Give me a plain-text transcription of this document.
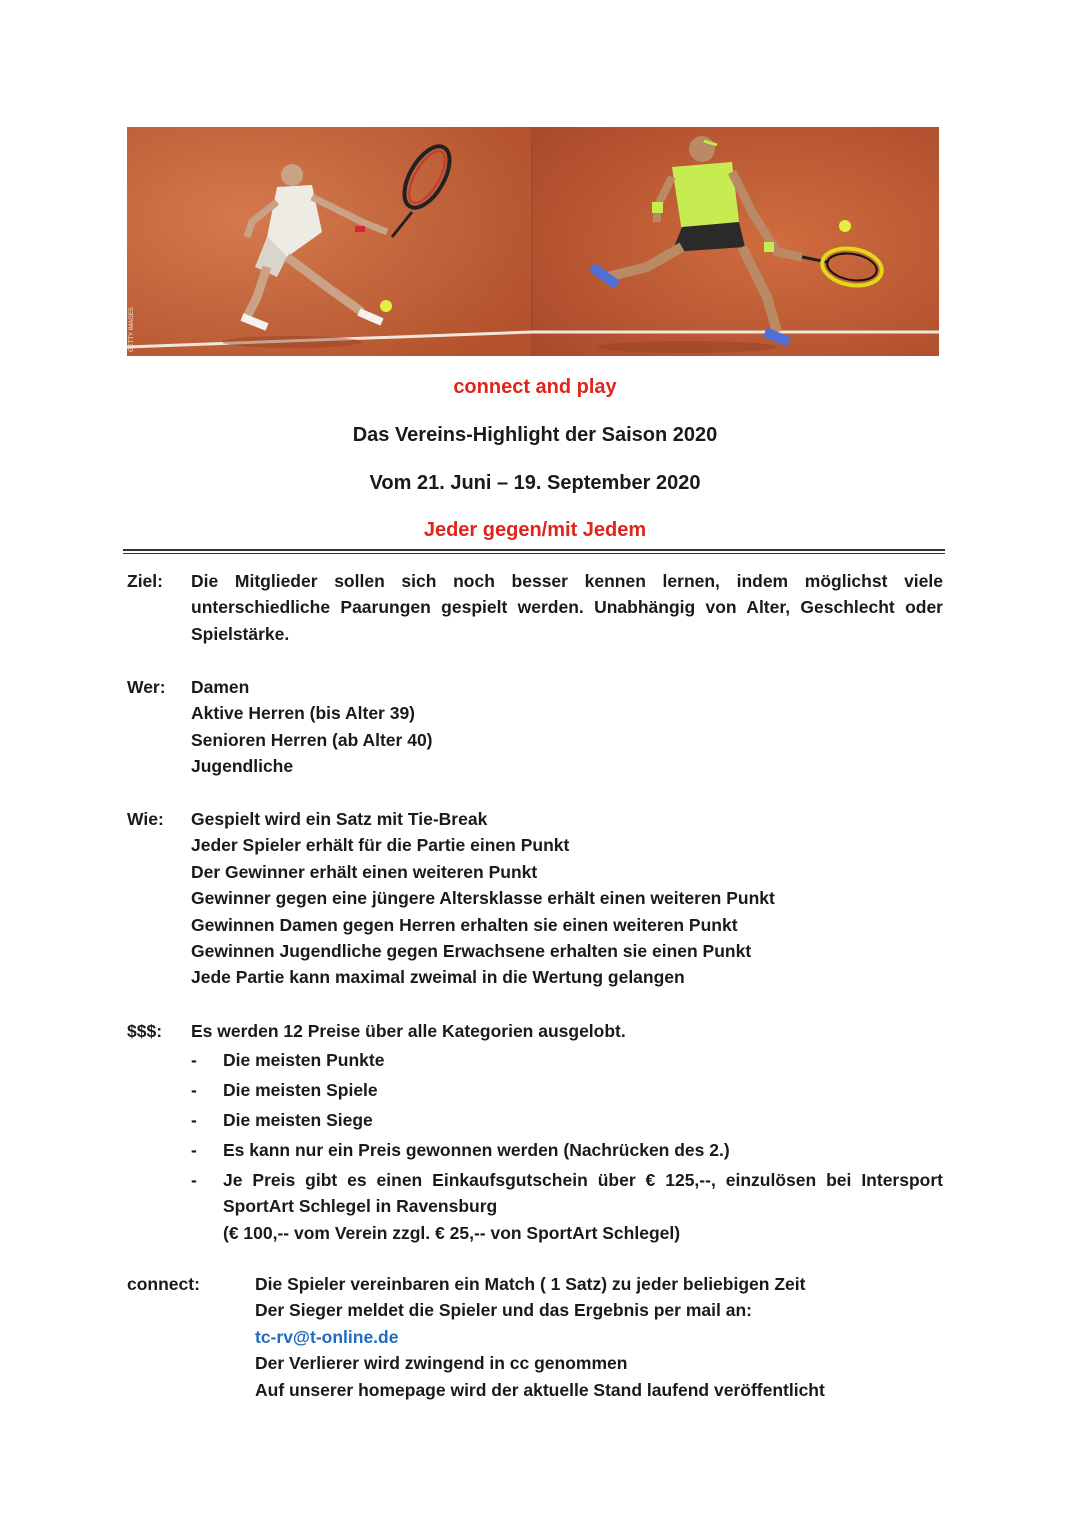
GETTY IMAGES
connect and play
Das Vereins-Highlight der Saison 2020
Vom 21. Juni – 19. September 2020
Jeder gegen/mit Jedem
Ziel: Die Mitglieder sollen sich noch besser kennen lernen, indem möglichst viele unterschiedliche Paarungen gespielt werden. Unabhängig von Alter, Geschlecht oder Spielstärke.
Wer: Damen
Aktive Herren (bis Alter 39)
Senioren Herren (ab Alter 40)
Jugendliche
Wie: Gespielt wird ein Satz mit Tie-Break
Jeder Spieler erhält für die Partie einen Punkt
Der Gewinner erhält einen weiteren Punkt
Gewinner gegen eine jüngere Altersklasse erhält einen weiteren Punkt
Gewinnen Damen gegen Herren erhalten sie einen weiteren Punkt
Gewinnen Jugendliche gegen Erwachsene erhalten sie einen Punkt
Jede Partie kann maximal zweimal in die Wertung gelangen
$$$: Es werden 12 Preise über alle Kategorien ausgelobt.
- Die meisten Punkte
- Die meisten Spiele
- Die meisten Siege
- Es kann nur ein Preis gewonnen werden (Nachrücken des 2.)
- Je Preis gibt es einen Einkaufsgutschein über € 125,--, einzulösen bei Intersport SportArt Schlegel in Ravensburg
(€ 100,-- vom Verein zzgl. € 25,-- von SportArt Schlegel)
connect:	Die Spieler vereinbaren ein Match ( 1 Satz) zu jeder beliebigen Zeit
Der Sieger meldet die Spieler und das Ergebnis per mail an:
tc-rv@t-online.de
Der Verlierer wird zwingend in cc genommen
Auf unserer homepage wird der aktuelle Stand laufend veröffentlicht
